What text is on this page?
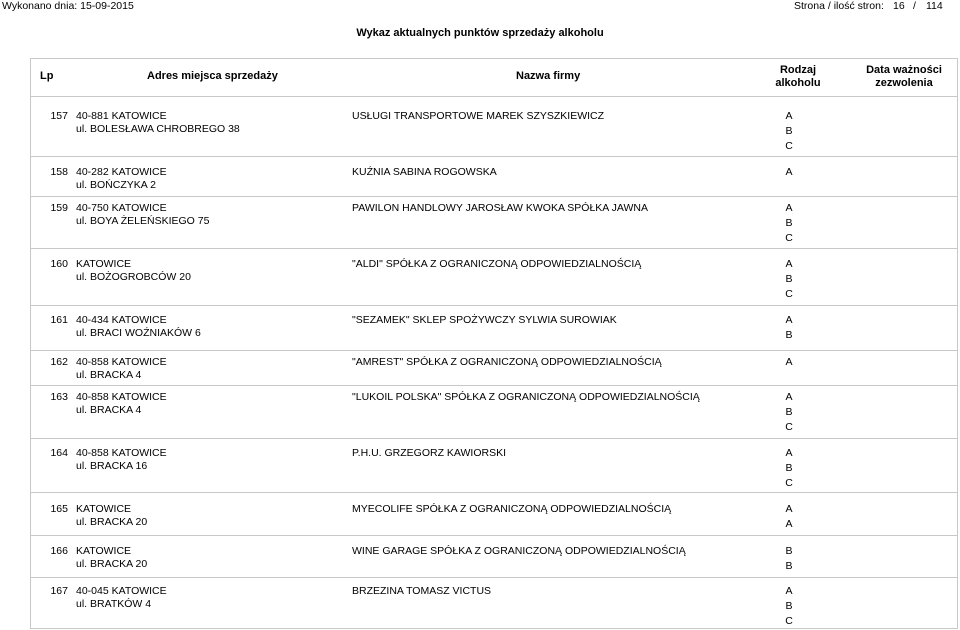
Wykonano dnia: 15-09-2015	Strona / ilość stron: 16 / 114
Wykaz aktualnych punktów sprzedaży alkoholu
Lp	Adres miejsca sprzedaży	Nazwa firmy	Rodzaj
alkoholu
Data ważności
zezwolenia
157 40-881 KATOWICE
ul. BOLESŁAWA CHROBREGO 38
USŁUGI TRANSPORTOWE MAREK SZYSZKIEWICZ	A
B
C
158 40-282 KATOWICE
ul. BOŃCZYKA 2
KUŹNIA SABINA ROGOWSKA	A
159 40-750 KATOWICE
ul. BOYA ŻELEŃSKIEGO 75
PAWILON HANDLOWY JAROSŁAW KWOKA SPÓŁKA JAWNA	A
B
C
160 KATOWICE
ul. BOŻOGROBCÓW 20
"ALDI" SPÓŁKA Z OGRANICZONĄ ODPOWIEDZIALNOŚCIĄ	A
B
C
161 40-434 KATOWICE
ul. BRACI WOŹNIAKÓW 6
"SEZAMEK" SKLEP SPOŻYWCZY SYLWIA SUROWIAK	A
B
162 40-858 KATOWICE
ul. BRACKA 4
"AMREST" SPÓŁKA Z OGRANICZONĄ ODPOWIEDZIALNOŚCIĄ	A
163 40-858 KATOWICE
ul. BRACKA 4
"LUKOIL POLSKA" SPÓŁKA Z OGRANICZONĄ ODPOWIEDZIALNOŚCIĄ	A
B
C
164 40-858 KATOWICE
ul. BRACKA 16
P.H.U. GRZEGORZ KAWIORSKI	A
B
C
165 KATOWICE
ul. BRACKA 20
MYECOLIFE SPÓŁKA Z OGRANICZONĄ ODPOWIEDZIALNOŚCIĄ	A
A
166 KATOWICE
ul. BRACKA 20
WINE GARAGE SPÓŁKA Z OGRANICZONĄ ODPOWIEDZIALNOŚCIĄ	B
B
167 40-045 KATOWICE
ul. BRATKÓW 4
BRZEZINA TOMASZ VICTUS	A
B
C
